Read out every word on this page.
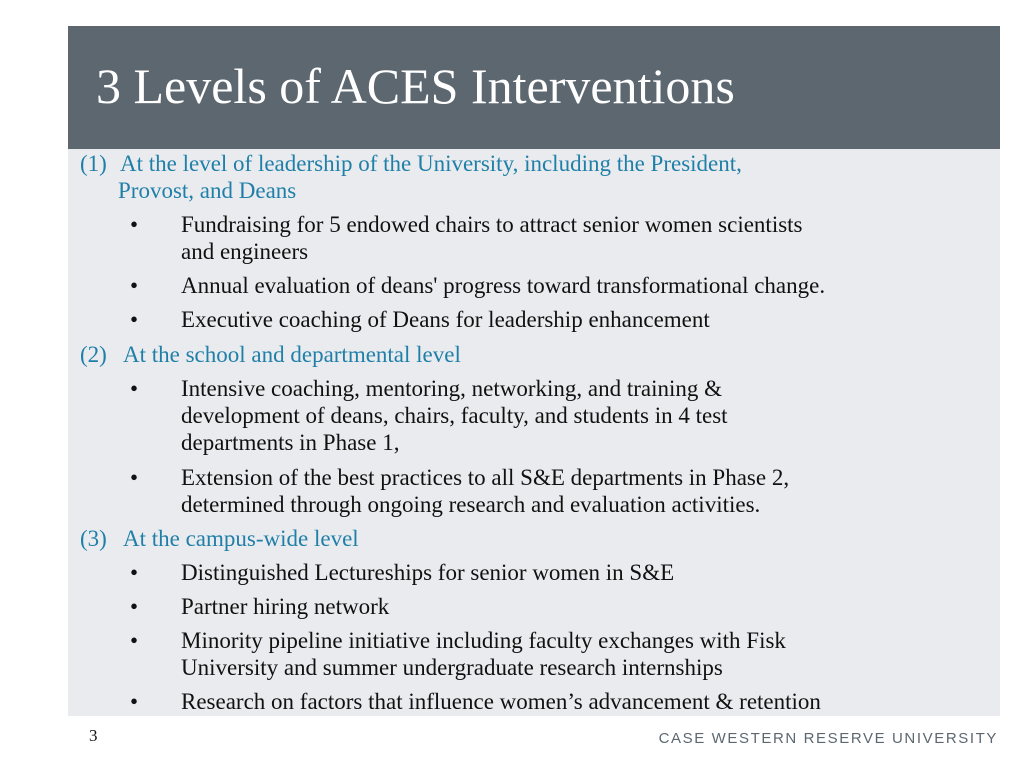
3 Levels of ACES Interventions
(1) At the level of leadership of the University, including the President,
Provost, and Deans
• Fundraising for 5 endowed chairs to attract senior women scientists
and engineers
• Annual evaluation of deans' progress toward transformational change.
• Executive coaching of Deans for leadership enhancement
(2) At the school and departmental level
• Intensive coaching, mentoring, networking, and training &
development of deans, chairs, faculty, and students in 4 test
departments in Phase 1,
• Extension of the best practices to all S&E departments in Phase 2,
determined through ongoing research and evaluation activities.
(3) At the campus-wide level
• Distinguished Lectureships for senior women in S&E
• Partner hiring network
• Minority pipeline initiative including faculty exchanges with Fisk
University and summer undergraduate research internships
• Research on factors that influence women’s advancement & retention
3	CASE WESTERN RESERVE UNIVERSITY
